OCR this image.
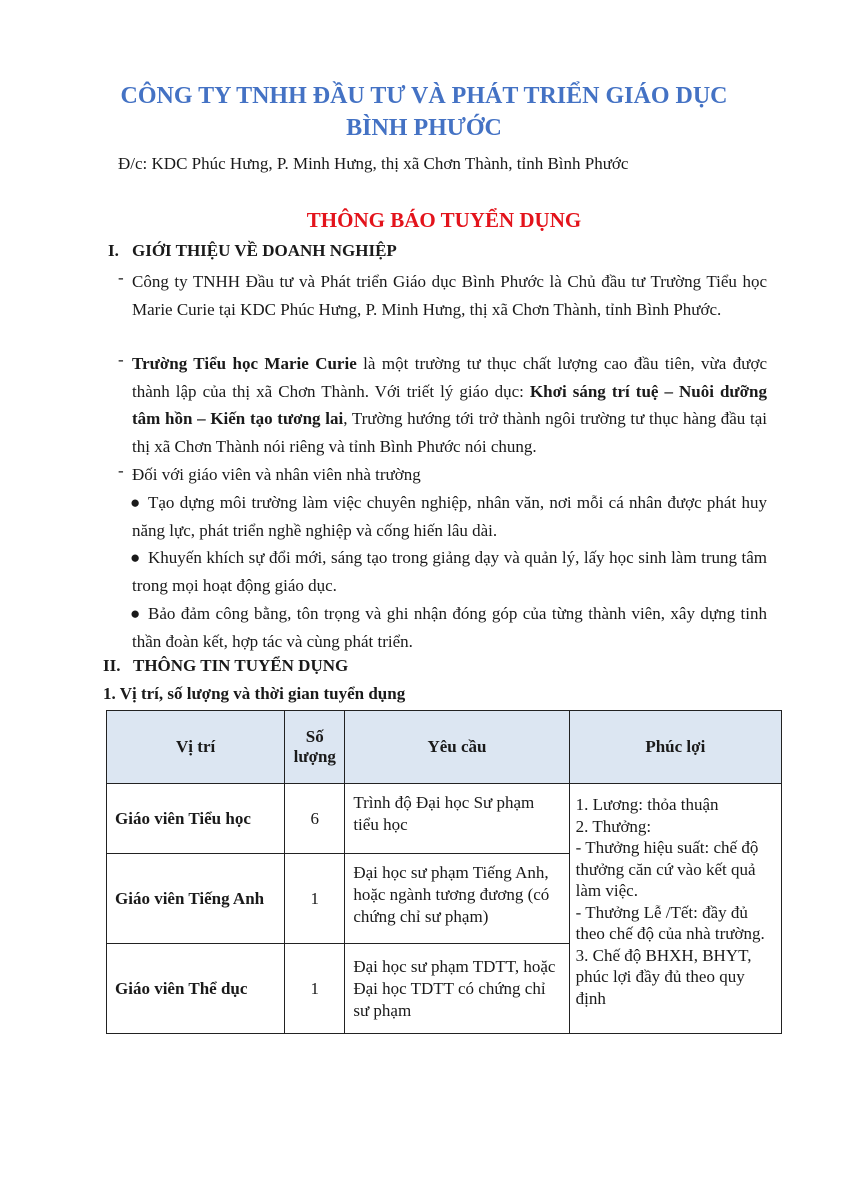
CÔNG TY TNHH ĐẦU TƯ VÀ PHÁT TRIỂN GIÁO DỤC
BÌNH PHƯỚC
Đ/c: KDC Phúc Hưng, P. Minh Hưng, thị xã Chơn Thành, tỉnh Bình Phước
THÔNG BÁO TUYỂN DỤNG
I. GIỚI THIỆU VỀ DOANH NGHIỆP
- Công ty TNHH Đầu tư và Phát triển Giáo dục Bình Phước là Chủ đầu tư Trường Tiểu học Marie Curie tại KDC Phúc Hưng, P. Minh Hưng, thị xã Chơn Thành, tỉnh Bình Phước.
- Trường Tiểu học Marie Curie là một trường tư thục chất lượng cao đầu tiên, vừa được thành lập của thị xã Chơn Thành. Với triết lý giáo dục: Khơi sáng trí tuệ – Nuôi dưỡng tâm hồn – Kiến tạo tương lai, Trường hướng tới trở thành ngôi trường tư thục hàng đầu tại thị xã Chơn Thành nói riêng và tỉnh Bình Phước nói chung.
- Đối với giáo viên và nhân viên nhà trường
● Tạo dựng môi trường làm việc chuyên nghiệp, nhân văn, nơi mỗi cá nhân được phát huy năng lực, phát triển nghề nghiệp và cống hiến lâu dài.
● Khuyến khích sự đổi mới, sáng tạo trong giảng dạy và quản lý, lấy học sinh làm trung tâm trong mọi hoạt động giáo dục.
● Bảo đảm công bằng, tôn trọng và ghi nhận đóng góp của từng thành viên, xây dựng tinh thần đoàn kết, hợp tác và cùng phát triển.
II. THÔNG TIN TUYỂN DỤNG
1. Vị trí, số lượng và thời gian tuyển dụng
Vị trí	Số lượng	Yêu cầu	Phúc lợi
Giáo viên Tiểu học	6	Trình độ Đại học Sư phạm tiểu học	1. Lương: thỏa thuận
2. Thưởng:
- Thưởng hiệu suất: chế độ thưởng căn cứ vào kết quả làm việc.
- Thưởng Lễ /Tết: đầy đủ theo chế độ của nhà trường.
3. Chế độ BHXH, BHYT, phúc lợi đầy đủ theo quy định

Giáo viên Tiếng Anh	1	Đại học sư phạm Tiếng Anh, hoặc ngành tương đương (có chứng chỉ sư phạm)	
Giáo viên Thể dục	1	Đại học sư phạm TDTT, hoặc Đại học TDTT có chứng chỉ sư phạm	
